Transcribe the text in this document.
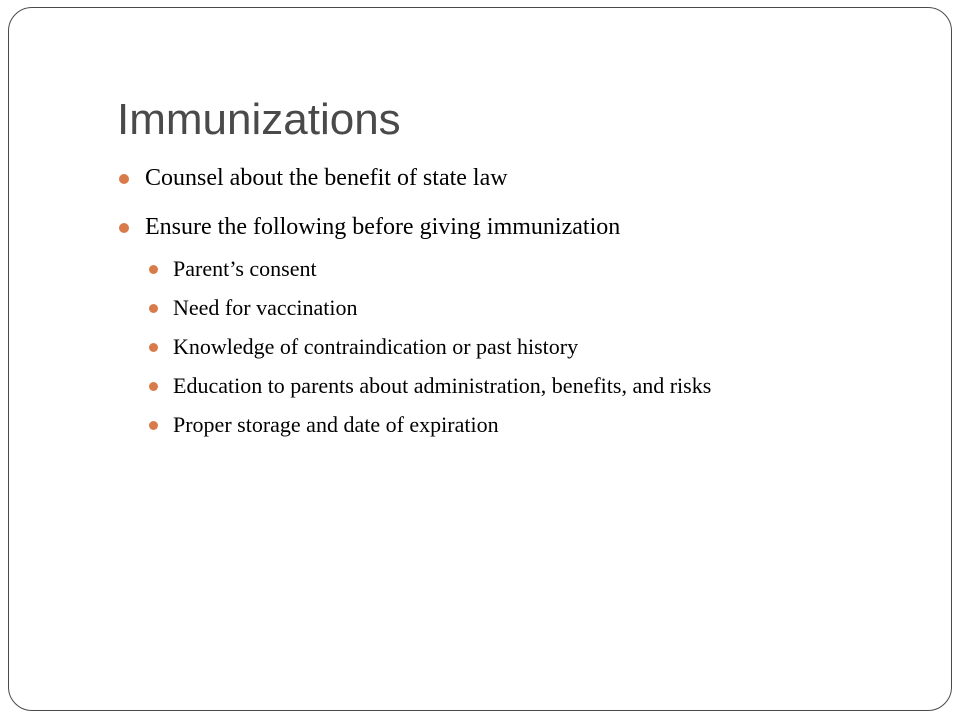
Immunizations
Counsel about the benefit of state law
Ensure the following before giving immunization
Parent’s consent
Need for vaccination
Knowledge of contraindication or past history
Education to parents about administration, benefits, and risks
Proper storage and date of expiration
